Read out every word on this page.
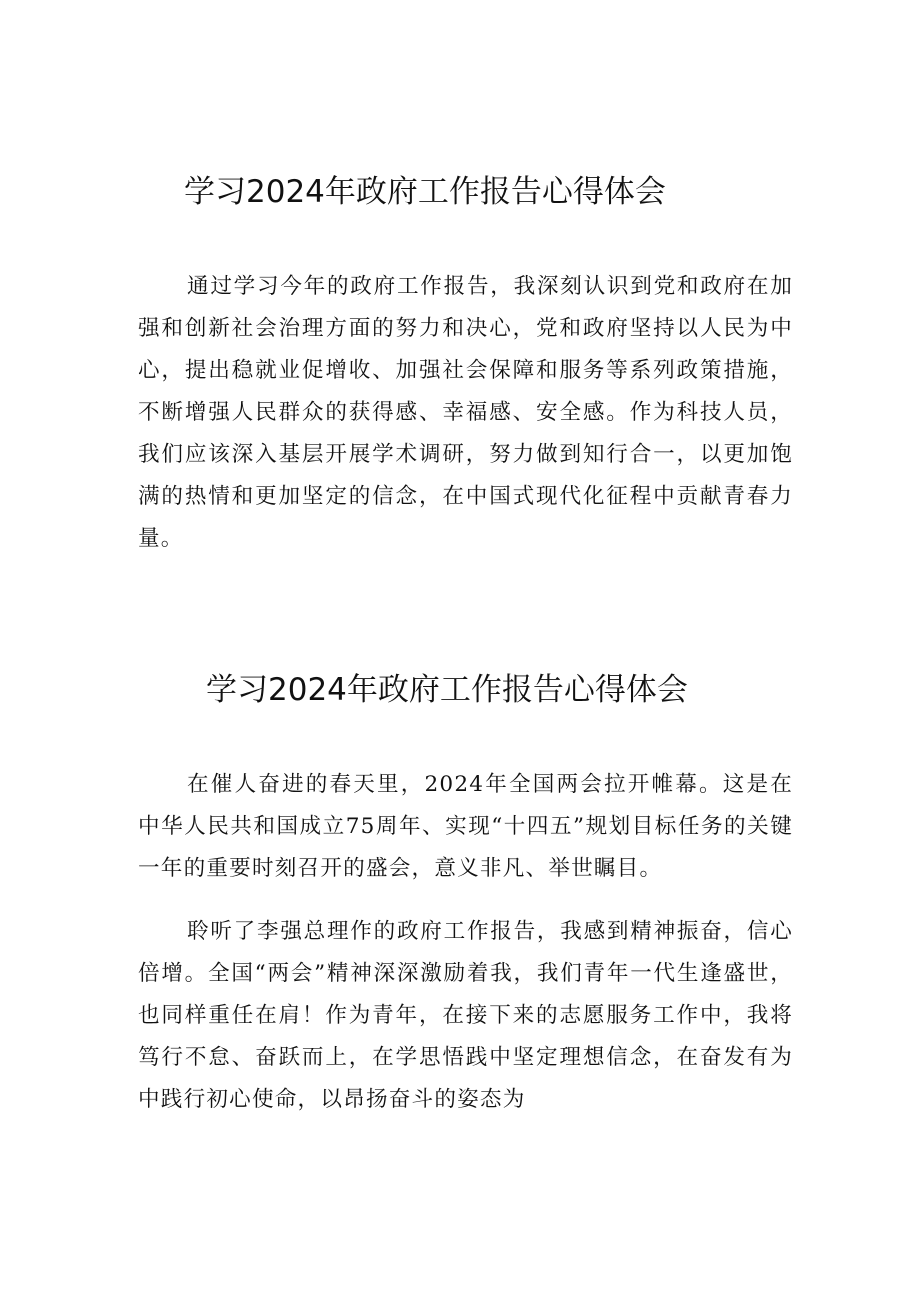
学习2024年政府工作报告心得体会

通过学习今年的政府工作报告，我深刻认识到党和政府在加强和创新社会治理方面的努力和决心，党和政府坚持以人民为中心，提出稳就业促增收、加强社会保障和服务等系列政策措施，不断增强人民群众的获得感、幸福感、安全感。作为科技人员，我们应该深入基层开展学术调研，努力做到知行合一，以更加饱满的热情和更加坚定的信念，在中国式现代化征程中贡献青春力量。

学习2024年政府工作报告心得体会

在催人奋进的春天里，2024年全国两会拉开帷幕。这是在中华人民共和国成立75周年、实现“十四五”规划目标任务的关键一年的重要时刻召开的盛会，意义非凡、举世瞩目。

聆听了李强总理作的政府工作报告，我感到精神振奋，信心倍增。全国“两会”精神深深激励着我，我们青年一代生逢盛世，也同样重任在肩！作为青年，在接下来的志愿服务工作中，我将笃行不怠、奋跃而上，在学思悟践中坚定理想信念，在奋发有为中践行初心使命，以昂扬奋斗的姿态为
